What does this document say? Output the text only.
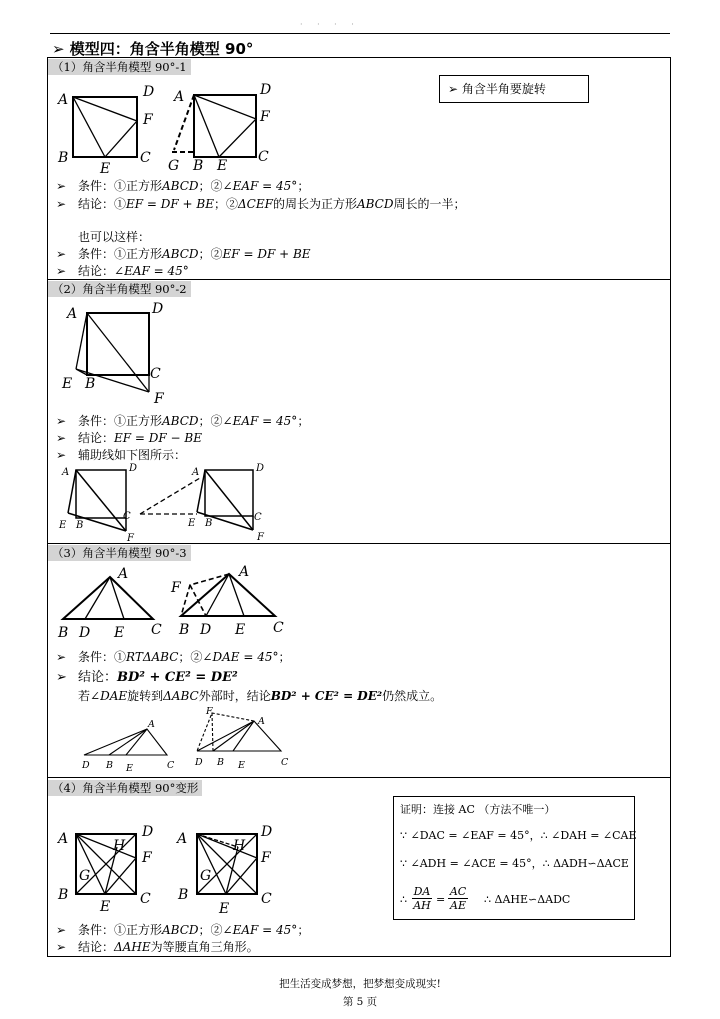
· · · ·
➢ 模型四：角含半角模型 90°
（1）角含半角模型 90°-1
➢ 角含半角要旋转
A	D
F
B
E
C
A	D
F
G B E
C
A	D
C
E B
F
A	D
E B
C
F
A	D
E B
C
F
A
B D E C
F
A
B D E C
A
D B E	C
F
A
D B E	C
A	D
H
F
G
B
E C
A	D
H
F
G
B
E
C
➢ 条件：①正方形ABCD；②∠EAF = 45°；
➢ 结论：①EF = DF + BE；②ΔCEF的周长为正方形ABCD周长的一半；
也可以这样：
➢ 条件：①正方形ABCD；②EF = DF + BE
➢ 结论：∠EAF = 45°
（2）角含半角模型 90°-2
➢ 条件：①正方形ABCD；②∠EAF = 45°；
➢ 结论：EF = DF − BE
➢ 辅助线如下图所示：
（3）角含半角模型 90°-3
➢ 条件：①RTΔABC；②∠DAE = 45°；
➢ 结论：BD² + CE² = DE²
若∠DAE旋转到ΔABC外部时，结论BD² + CE² = DE²仍然成立。
（4）角含半角模型 90°变形
证明：连接 AC （方法不唯一）
∵ ∠DAC = ∠EAF = 45°，∴ ∠DAH = ∠CAE
∵ ∠ADH = ∠ACE = 45°，∴ ΔADH∽ΔACE
∴
DA
AH =
AC
AE ∴ ΔAHE∽ΔADC
➢ 条件：①正方形ABCD；②∠EAF = 45°；
➢ 结论：ΔAHE为等腰直角三角形。
把生活变成梦想，把梦想变成现实!
第 5 页
